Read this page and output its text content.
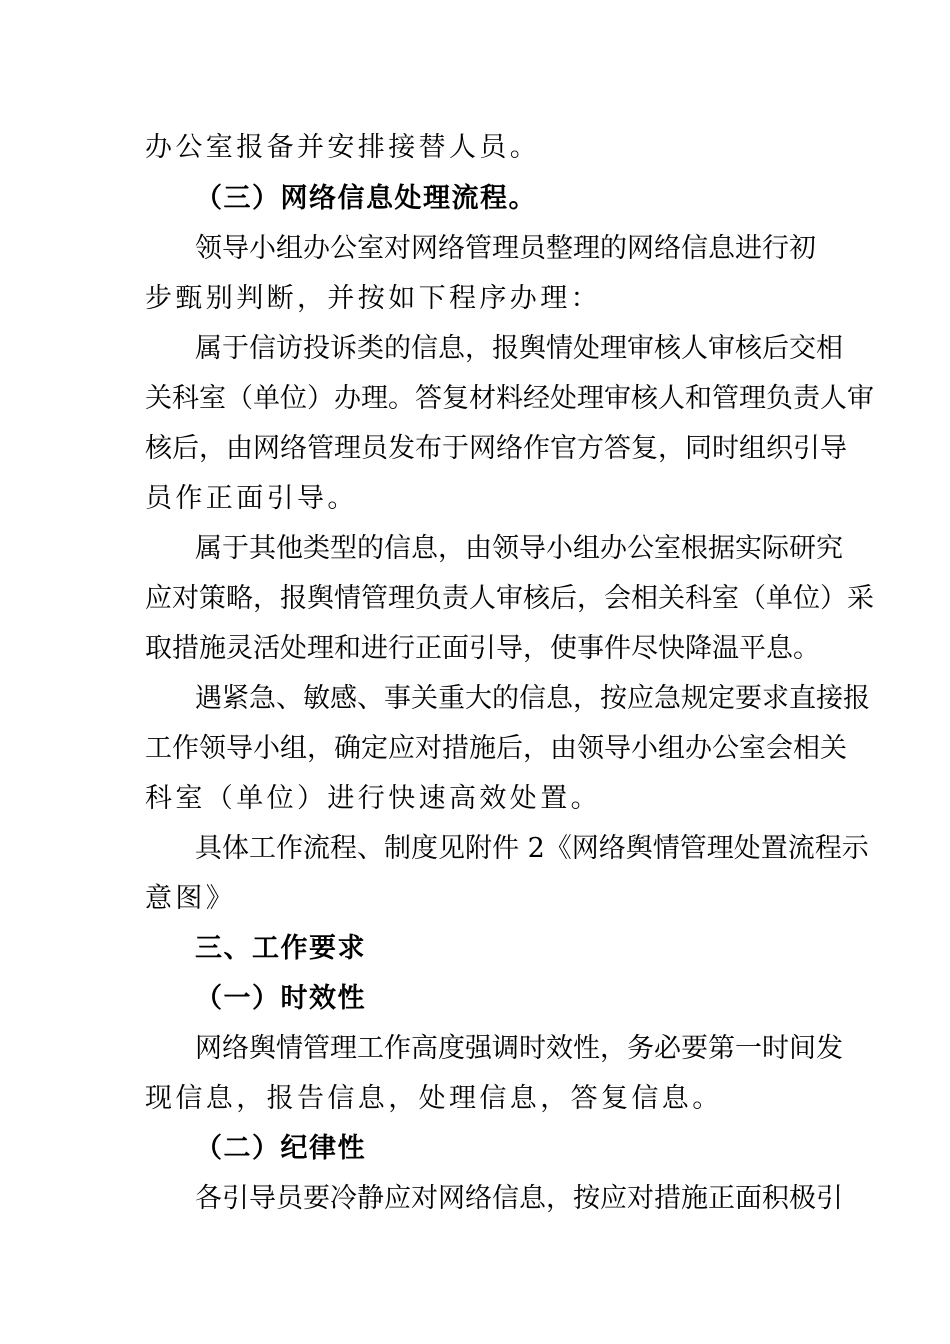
办公室报备并安排接替人员。
（三）网络信息处理流程。
领导小组办公室对网络管理员整理的网络信息进行初
步甄别判断，并按如下程序办理：
属于信访投诉类的信息，报舆情处理审核人审核后交相
关科室（单位）办理。答复材料经处理审核人和管理负责人审
核后，由网络管理员发布于网络作官方答复，同时组织引导
员作正面引导。
属于其他类型的信息，由领导小组办公室根据实际研究
应对策略，报舆情管理负责人审核后，会相关科室（单位）采
取措施灵活处理和进行正面引导，使事件尽快降温平息。
遇紧急、敏感、事关重大的信息，按应急规定要求直接报
工作领导小组，确定应对措施后，由领导小组办公室会相关
科室（单位）进行快速高效处置。
具体工作流程、制度见附件 2《网络舆情管理处置流程示
意图》
三、工作要求
（一）时效性
网络舆情管理工作高度强调时效性，务必要第一时间发
现信息，报告信息，处理信息，答复信息。
（二）纪律性
各引导员要冷静应对网络信息，按应对措施正面积极引
